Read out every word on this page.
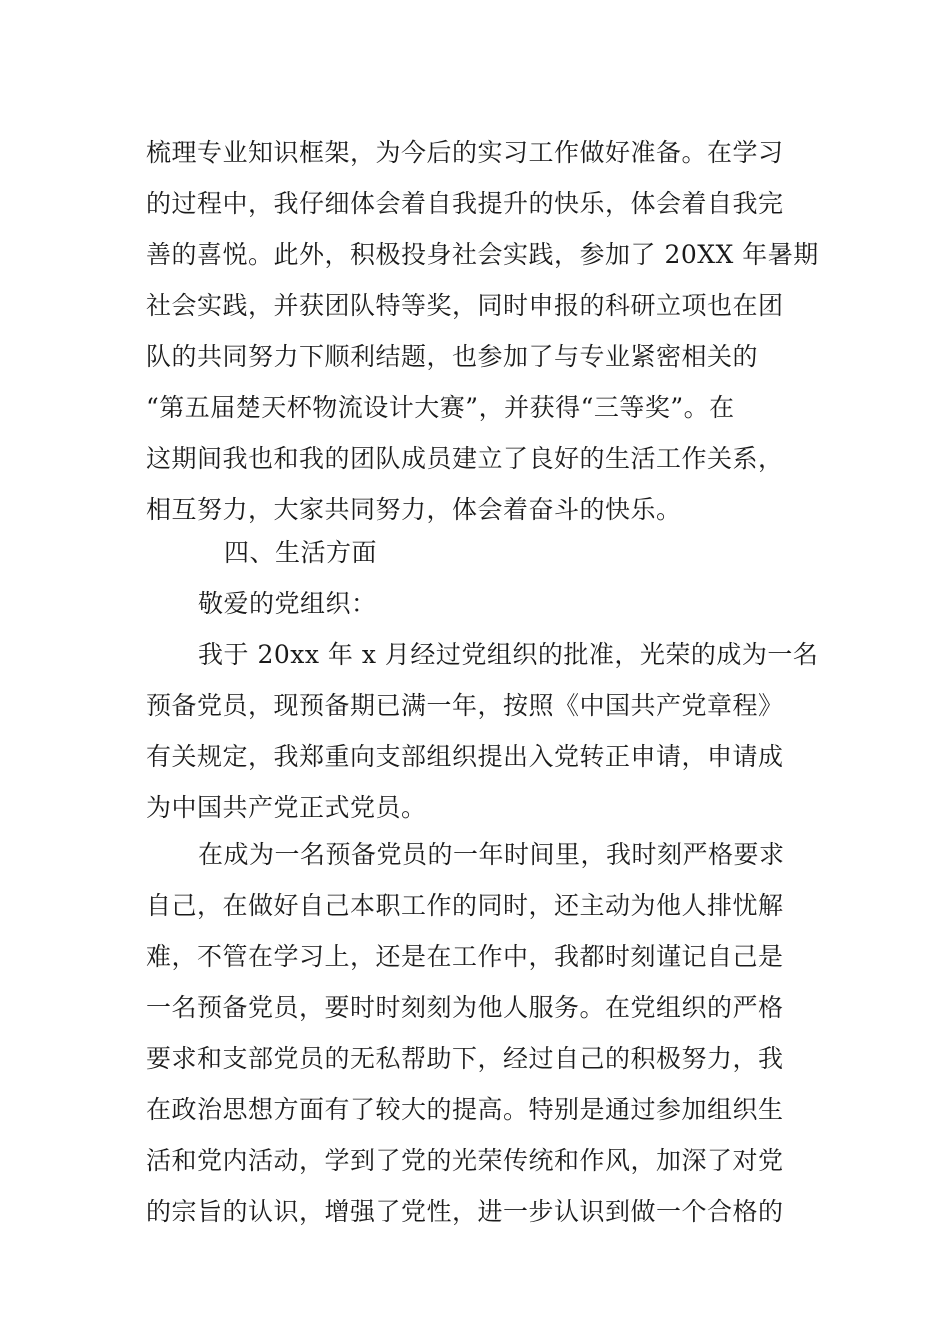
梳理专业知识框架，为今后的实习工作做好准备。在学习
的过程中，我仔细体会着自我提升的快乐，体会着自我完
善的喜悦。此外，积极投身社会实践，参加了 20XX 年暑期
社会实践，并获团队特等奖，同时申报的科研立项也在团
队的共同努力下顺利结题，也参加了与专业紧密相关的
“第五届楚天杯物流设计大赛”，并获得“三等奖”。在
这期间我也和我的团队成员建立了良好的生活工作关系，
相互努力，大家共同努力，体会着奋斗的快乐。
四、生活方面
敬爱的党组织：
我于 20xx 年 x 月经过党组织的批准，光荣的成为一名
预备党员，现预备期已满一年，按照《中国共产党章程》
有关规定，我郑重向支部组织提出入党转正申请，申请成
为中国共产党正式党员。
在成为一名预备党员的一年时间里，我时刻严格要求
自己，在做好自己本职工作的同时，还主动为他人排忧解
难，不管在学习上，还是在工作中，我都时刻谨记自己是
一名预备党员，要时时刻刻为他人服务。在党组织的严格
要求和支部党员的无私帮助下，经过自己的积极努力，我
在政治思想方面有了较大的提高。特别是通过参加组织生
活和党内活动，学到了党的光荣传统和作风，加深了对党
的宗旨的认识，增强了党性，进一步认识到做一个合格的
